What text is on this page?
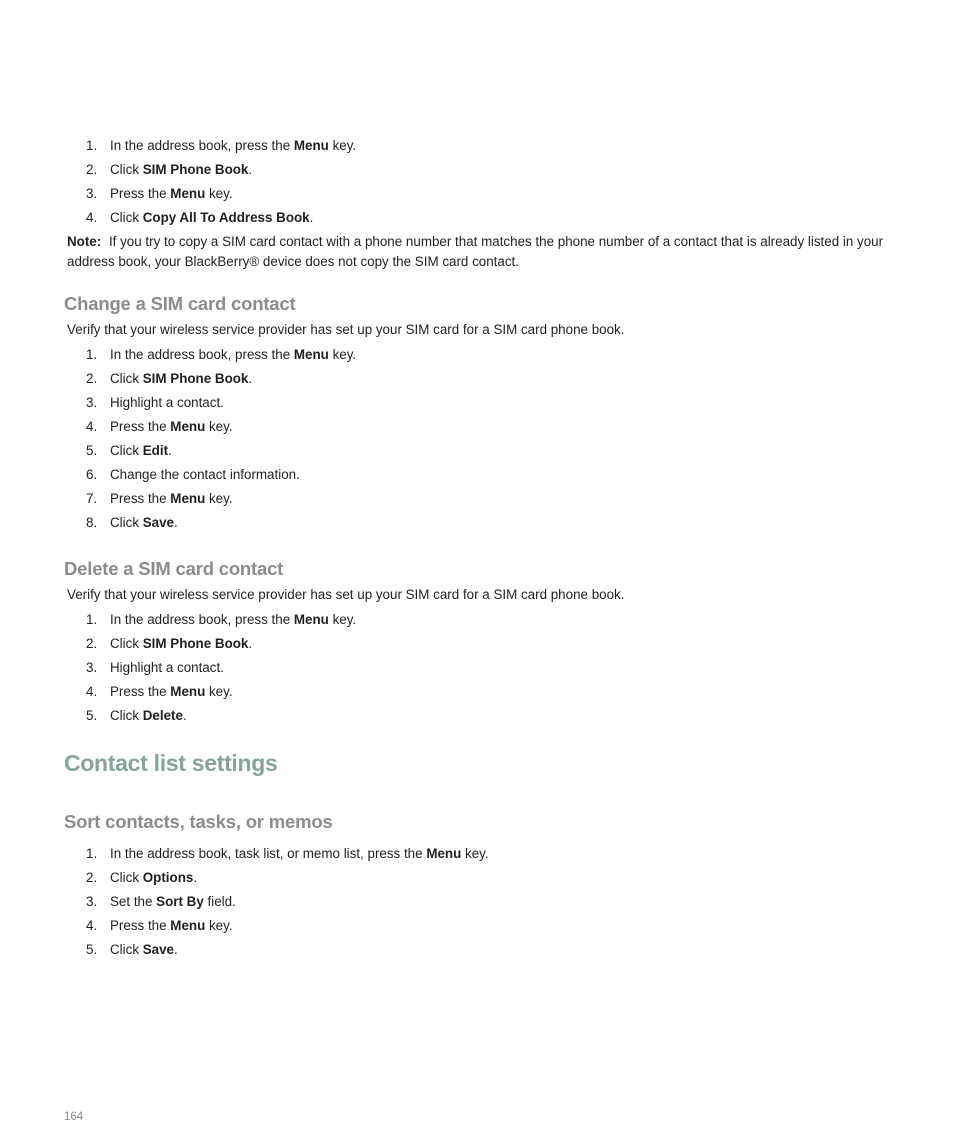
1. In the address book, press the Menu key.
2. Click SIM Phone Book.
3. Press the Menu key.
4. Click Copy All To Address Book.
Note: If you try to copy a SIM card contact with a phone number that matches the phone number of a contact that is already listed in your address book, your BlackBerry® device does not copy the SIM card contact.
Change a SIM card contact
Verify that your wireless service provider has set up your SIM card for a SIM card phone book.
1. In the address book, press the Menu key.
2. Click SIM Phone Book.
3. Highlight a contact.
4. Press the Menu key.
5. Click Edit.
6. Change the contact information.
7. Press the Menu key.
8. Click Save.
Delete a SIM card contact
Verify that your wireless service provider has set up your SIM card for a SIM card phone book.
1. In the address book, press the Menu key.
2. Click SIM Phone Book.
3. Highlight a contact.
4. Press the Menu key.
5. Click Delete.
Contact list settings
Sort contacts, tasks, or memos
1. In the address book, task list, or memo list, press the Menu key.
2. Click Options.
3. Set the Sort By field.
4. Press the Menu key.
5. Click Save.
164
